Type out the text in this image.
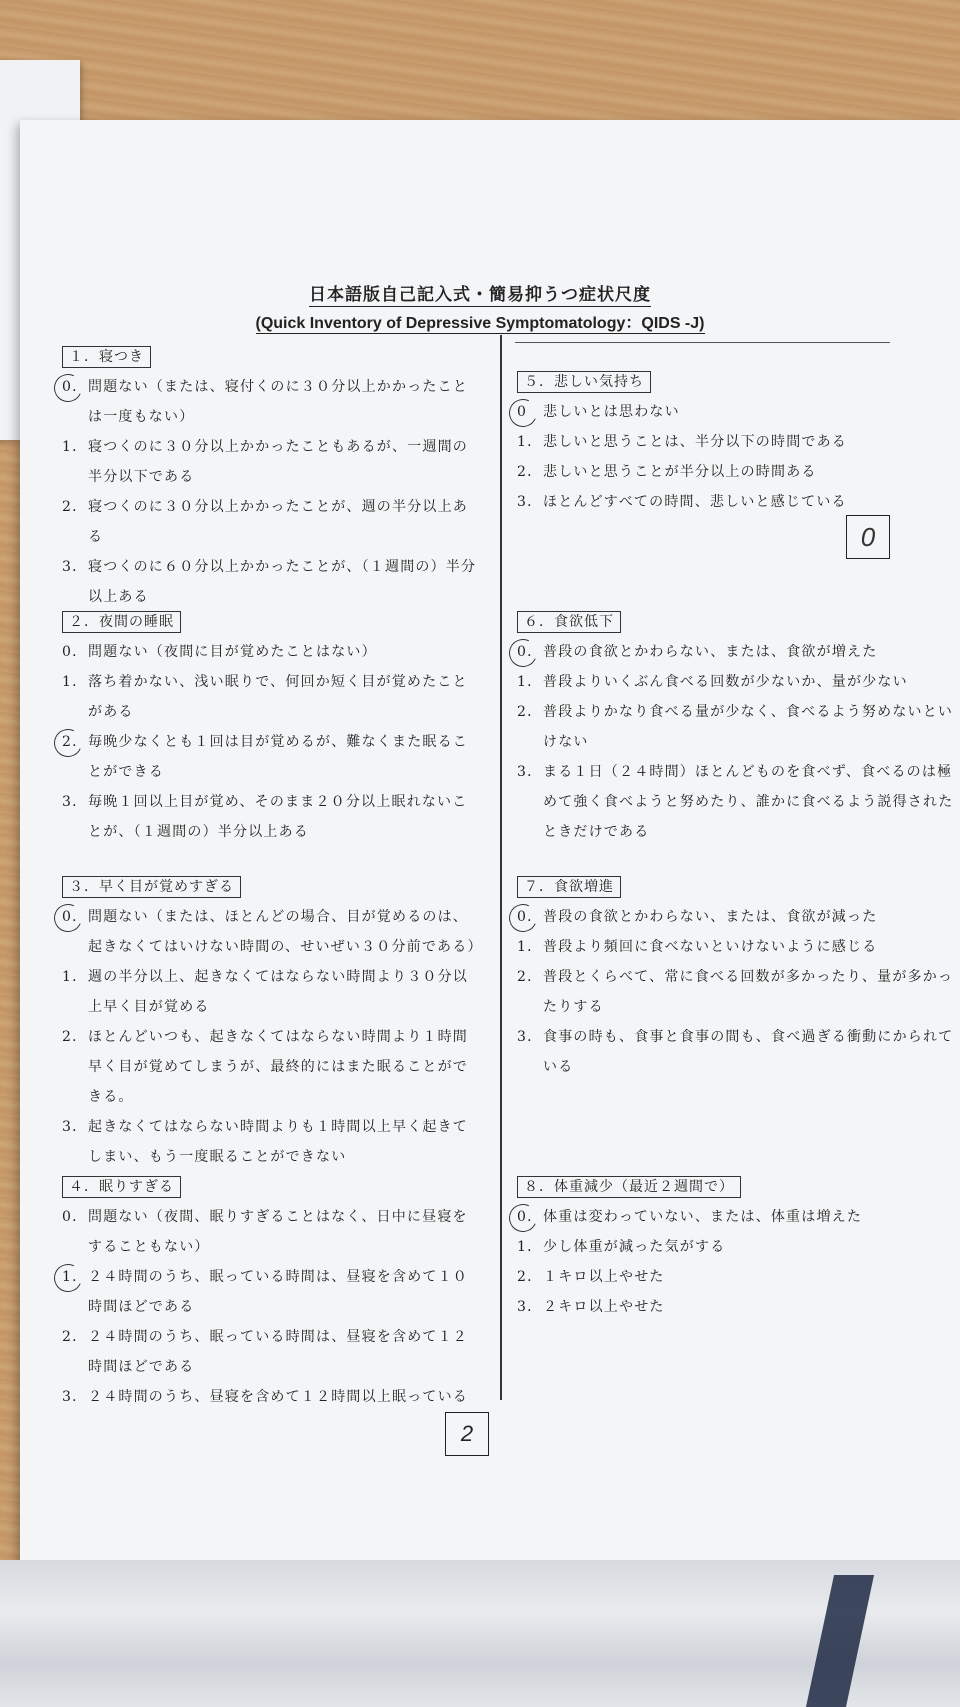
日本語版自己記入式・簡易抑うつ症状尺度
(Quick Inventory of Depressive Symptomatology：QIDS -J)
１．寝つき
0．問題ない（または、寝付くのに３０分以上かかったことは一度もない）
1．寝つくのに３０分以上かかったこともあるが、一週間の半分以下である
2．寝つくのに３０分以上かかったことが、週の半分以上ある
3．寝つくのに６０分以上かかったことが、（１週間の）半分以上ある
２．夜間の睡眠
0．問題ない（夜間に目が覚めたことはない）
1．落ち着かない、浅い眠りで、何回か短く目が覚めたことがある
2．毎晩少なくとも１回は目が覚めるが、難なくまた眠ることができる
3．毎晩１回以上目が覚め、そのまま２０分以上眠れないことが、（１週間の）半分以上ある
３．早く目が覚めすぎる
0．問題ない（または、ほとんどの場合、目が覚めるのは、起きなくてはいけない時間の、せいぜい３０分前である）
1．週の半分以上、起きなくてはならない時間より３０分以上早く目が覚める
2．ほとんどいつも、起きなくてはならない時間より１時間早く目が覚めてしまうが、最終的にはまた眠ることができる。
3．起きなくてはならない時間よりも１時間以上早く起きてしまい、もう一度眠ることができない
４．眠りすぎる
0．問題ない（夜間、眠りすぎることはなく、日中に昼寝をすることもない）
1．２４時間のうち、眠っている時間は、昼寝を含めて１０時間ほどである
2．２４時間のうち、眠っている時間は、昼寝を含めて１２時間ほどである
3．２４時間のうち、昼寝を含めて１２時間以上眠っている
５．悲しい気持ち
0 悲しいとは思わない
1．悲しいと思うことは、半分以下の時間である
2．悲しいと思うことが半分以上の時間ある
3．ほとんどすべての時間、悲しいと感じている
0
６．食欲低下
0．普段の食欲とかわらない、または、食欲が増えた
1．普段よりいくぶん食べる回数が少ないか、量が少ない
2．普段よりかなり食べる量が少なく、食べるよう努めないといけない
3．まる１日（２４時間）ほとんどものを食べず、食べるのは極めて強く食べようと努めたり、誰かに食べるよう説得されたときだけである
７．食欲増進
0．普段の食欲とかわらない、または、食欲が減った
1．普段より頻回に食べないといけないように感じる
2．普段とくらべて、常に食べる回数が多かったり、量が多かったりする
3．食事の時も、食事と食事の間も、食べ過ぎる衝動にかられている
８．体重減少（最近２週間で）
0．体重は変わっていない、または、体重は増えた
1．少し体重が減った気がする
2．１キロ以上やせた
3．２キロ以上やせた
2
